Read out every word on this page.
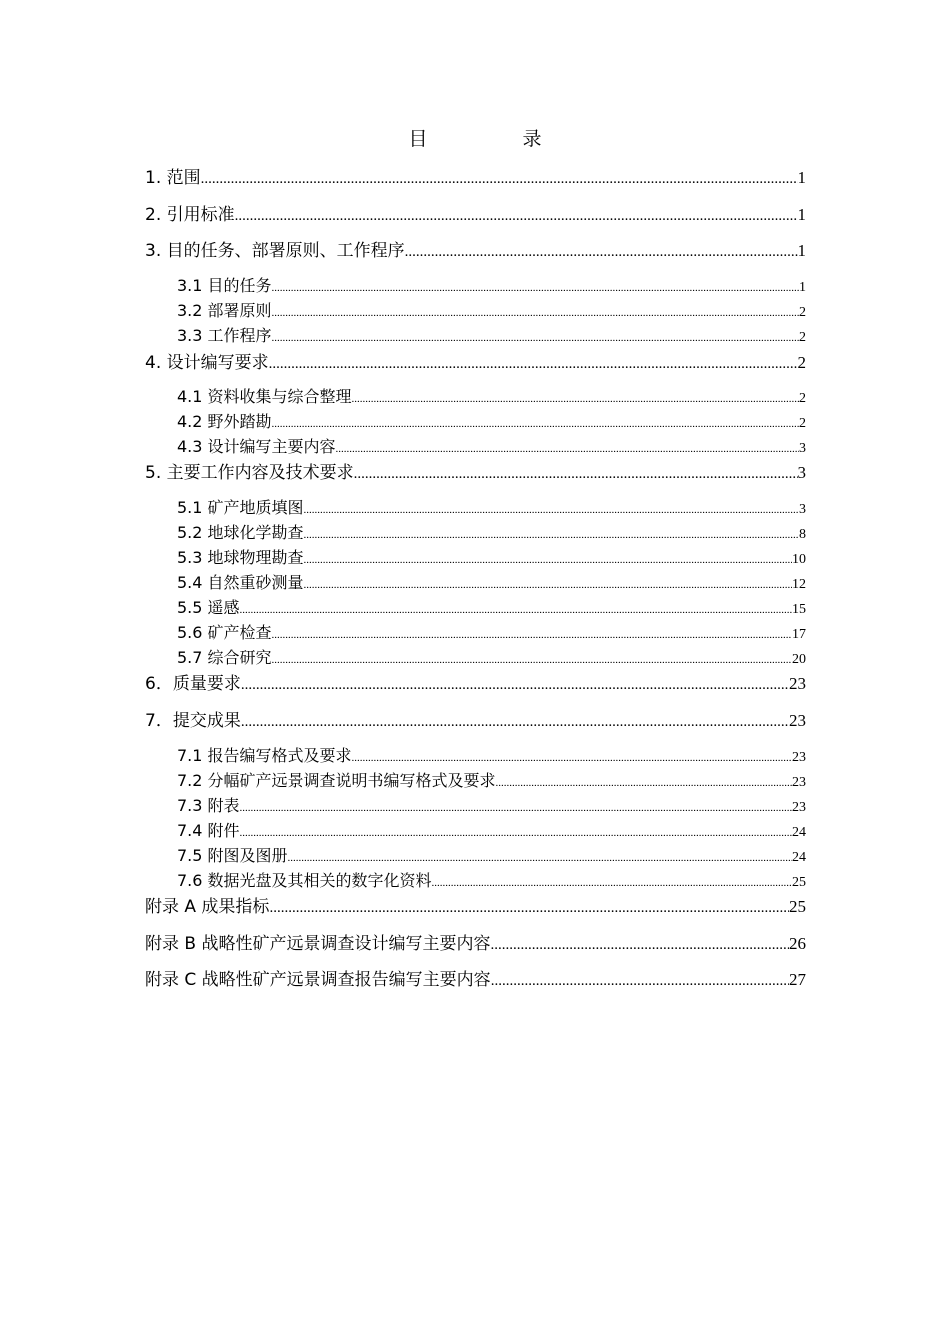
目　录
1. 范围 .....	1
2. 引用标准 .....	1
3. 目的任务、部署原则、工作程序 .....	1
3.1 目的任务 .....	1
3.2 部署原则 .....	2
3.3 工作程序 .....	2
4. 设计编写要求 .....	2
4.1 资料收集与综合整理 .....	2
4.2 野外踏勘 .....	2
4.3 设计编写主要内容 .....	3
5. 主要工作内容及技术要求 .....	3
5.1 矿产地质填图 .....	3
5.2 地球化学勘查 .....	8
5.3 地球物理勘查 .....	10
5.4 自然重砂测量 .....	12
5.5 遥感 .....	15
5.6 矿产检查 .....	17
5.7 综合研究 .....	20
6．质量要求 .....	23
7．提交成果 .....	23
7.1 报告编写格式及要求 .....	23
7.2 分幅矿产远景调查说明书编写格式及要求 .....	23
7.3 附表 .....	23
7.4 附件 .....	24
7.5 附图及图册 .....	24
7.6 数据光盘及其相关的数字化资料 .....	25
附录 A 成果指标 .....	25
附录 B 战略性矿产远景调查设计编写主要内容 .....	26
附录 C 战略性矿产远景调查报告编写主要内容 .....	27
